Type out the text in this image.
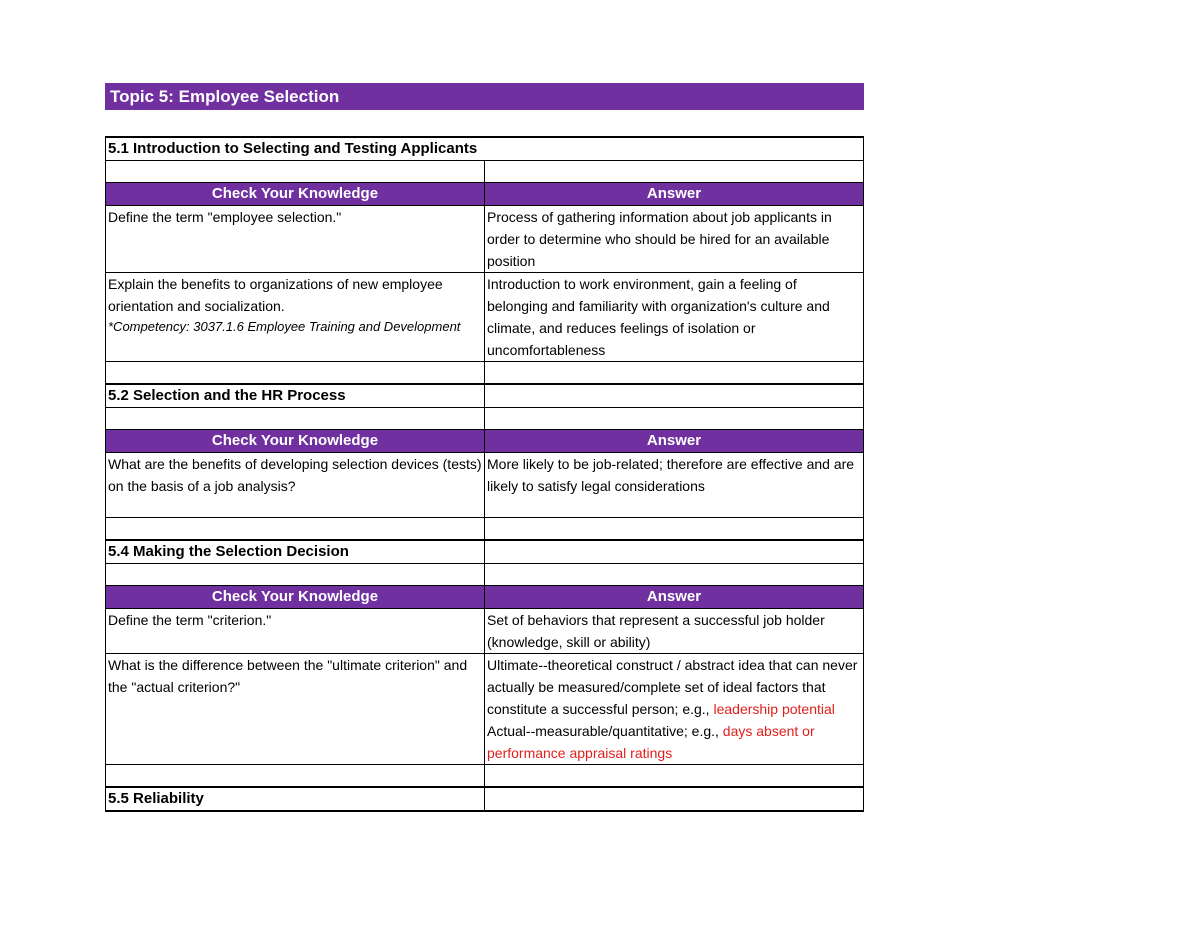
Topic 5: Employee Selection
5.1 Introduction to Selecting and Testing Applicants	

Check Your Knowledge	Answer
Define the term "employee selection."	Process of gathering information about job applicants in order to determine who should be hired for an available position

Explain the benefits to organizations of new employee orientation and socialization.
*Competency: 3037.1.6 Employee Training and Development	Introduction to work environment, gain a feeling of belonging and familiarity with organization's culture and climate, and reduces feelings of isolation or uncomfortableness

5.2 Selection and the HR Process	

Check Your Knowledge	Answer
What are the benefits of developing selection devices (tests) on the basis of a job analysis?	More likely to be job-related; therefore are effective and are likely to satisfy legal considerations

5.4 Making the Selection Decision	

Check Your Knowledge	Answer
Define the term "criterion."	Set of behaviors that represent a successful job holder (knowledge, skill or ability)
What is the difference between the "ultimate criterion" and the "actual criterion?"	Ultimate--theoretical construct / abstract idea that can never actually be measured/complete set of ideal factors that constitute a successful person; e.g., leadership potential
Actual--measurable/quantitative; e.g., days absent or performance appraisal ratings

5.5 Reliability	
